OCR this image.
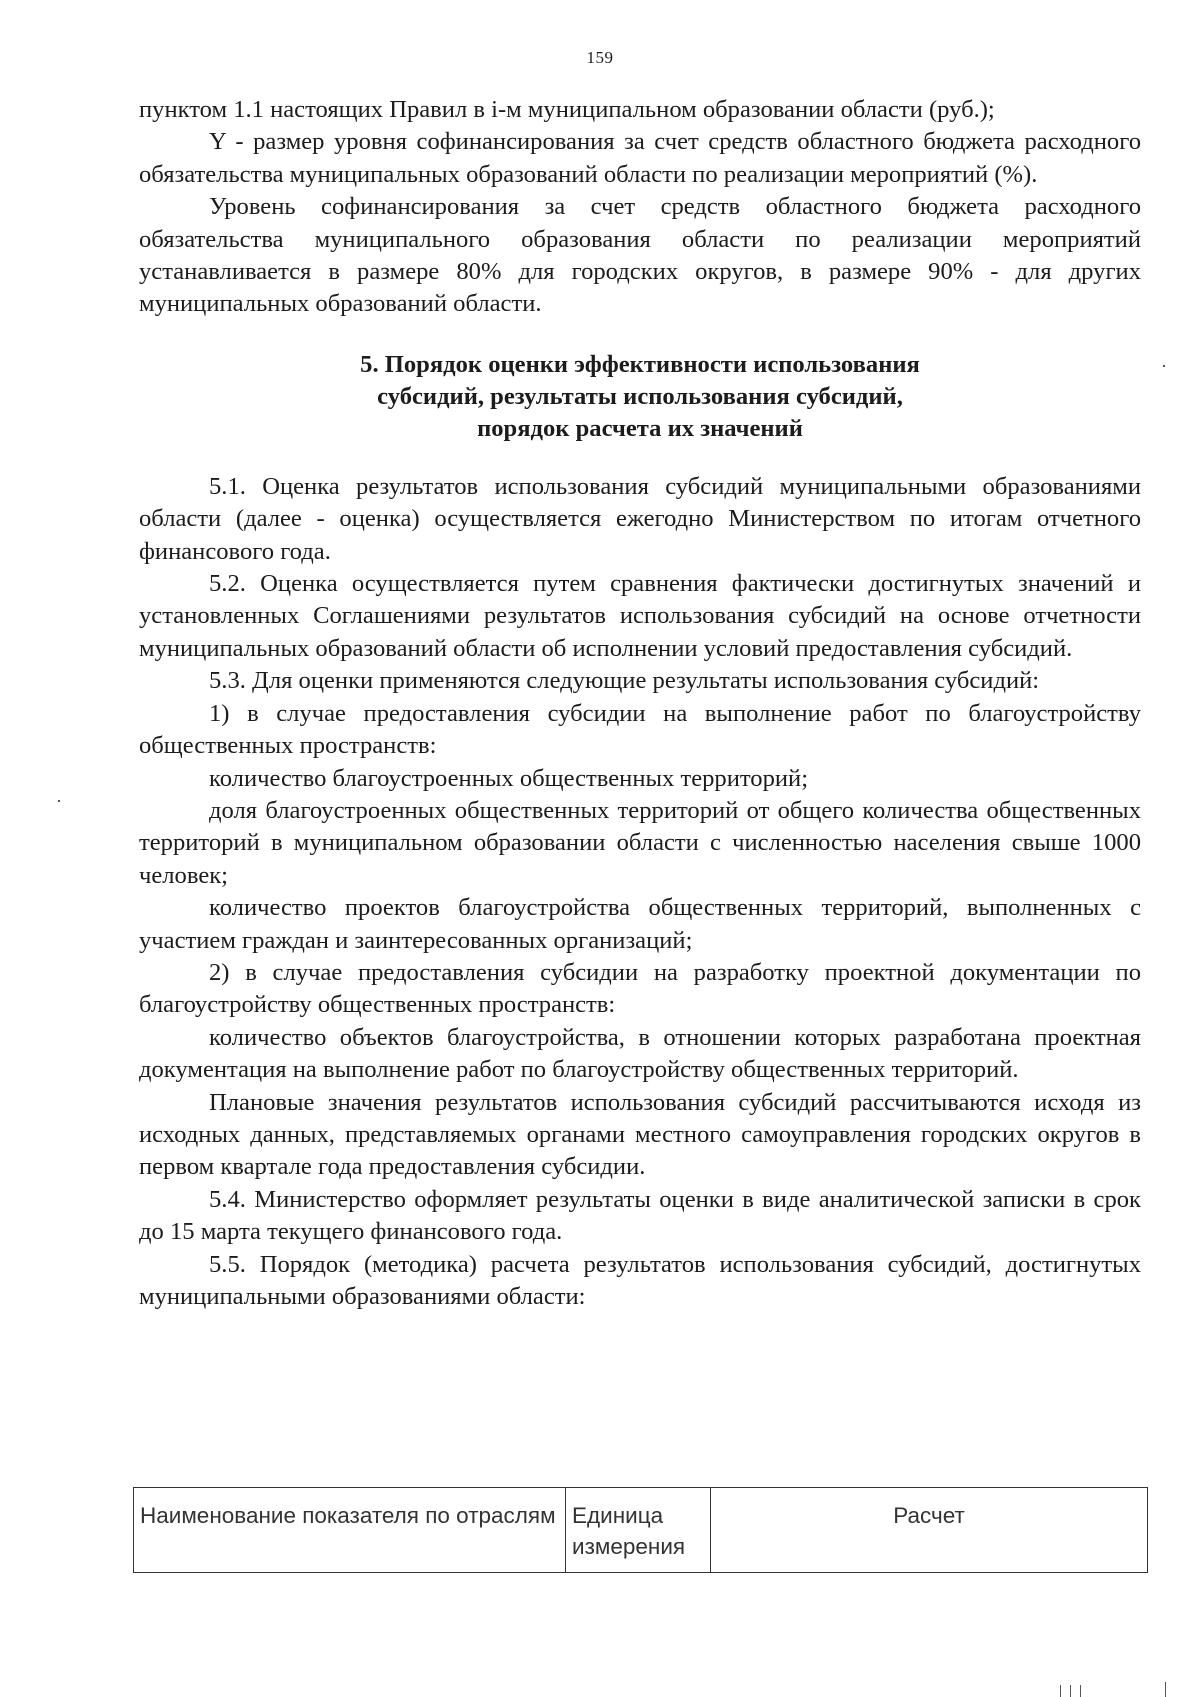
159

пунктом 1.1 настоящих Правил в i-м муниципальном образовании области (руб.);

Y - размер уровня софинансирования за счет средств областного бюджета расходного обязательства муниципальных образований области по реализации мероприятий (%).

Уровень софинансирования за счет средств областного бюджета расходного обязательства муниципального образования области по реализации мероприятий устанавливается в размере 80% для городских округов, в размере 90% - для других муниципальных образований области.

5. Порядок оценки эффективности использования
субсидий, результаты использования субсидий,
порядок расчета их значений

5.1. Оценка результатов использования субсидий муниципальными образованиями области (далее - оценка) осуществляется ежегодно Министерством по итогам отчетного финансового года.

5.2. Оценка осуществляется путем сравнения фактически достигнутых значений и установленных Соглашениями результатов использования субсидий на основе отчетности муниципальных образований области об исполнении условий предоставления субсидий.

5.3. Для оценки применяются следующие результаты использования субсидий:

1) в случае предоставления субсидии на выполнение работ по благоустройству общественных пространств:

количество благоустроенных общественных территорий;

доля благоустроенных общественных территорий от общего количества общественных территорий в муниципальном образовании области с численностью населения свыше 1000 человек;

количество проектов благоустройства общественных территорий, выполненных с участием граждан и заинтересованных организаций;

2) в случае предоставления субсидии на разработку проектной документации по благоустройству общественных пространств:

количество объектов благоустройства, в отношении которых разработана проектная документация на выполнение работ по благоустройству общественных территорий.

Плановые значения результатов использования субсидий рассчитываются исходя из исходных данных, представляемых органами местного самоуправления городских округов в первом квартале года предоставления субсидии.

5.4. Министерство оформляет результаты оценки в виде аналитической записки в срок до 15 марта текущего финансового года.

5.5. Порядок (методика) расчета результатов использования субсидий, достигнутых муниципальными образованиями области:

Наименование показателя по отраслям	Единица измерения	Расчет
